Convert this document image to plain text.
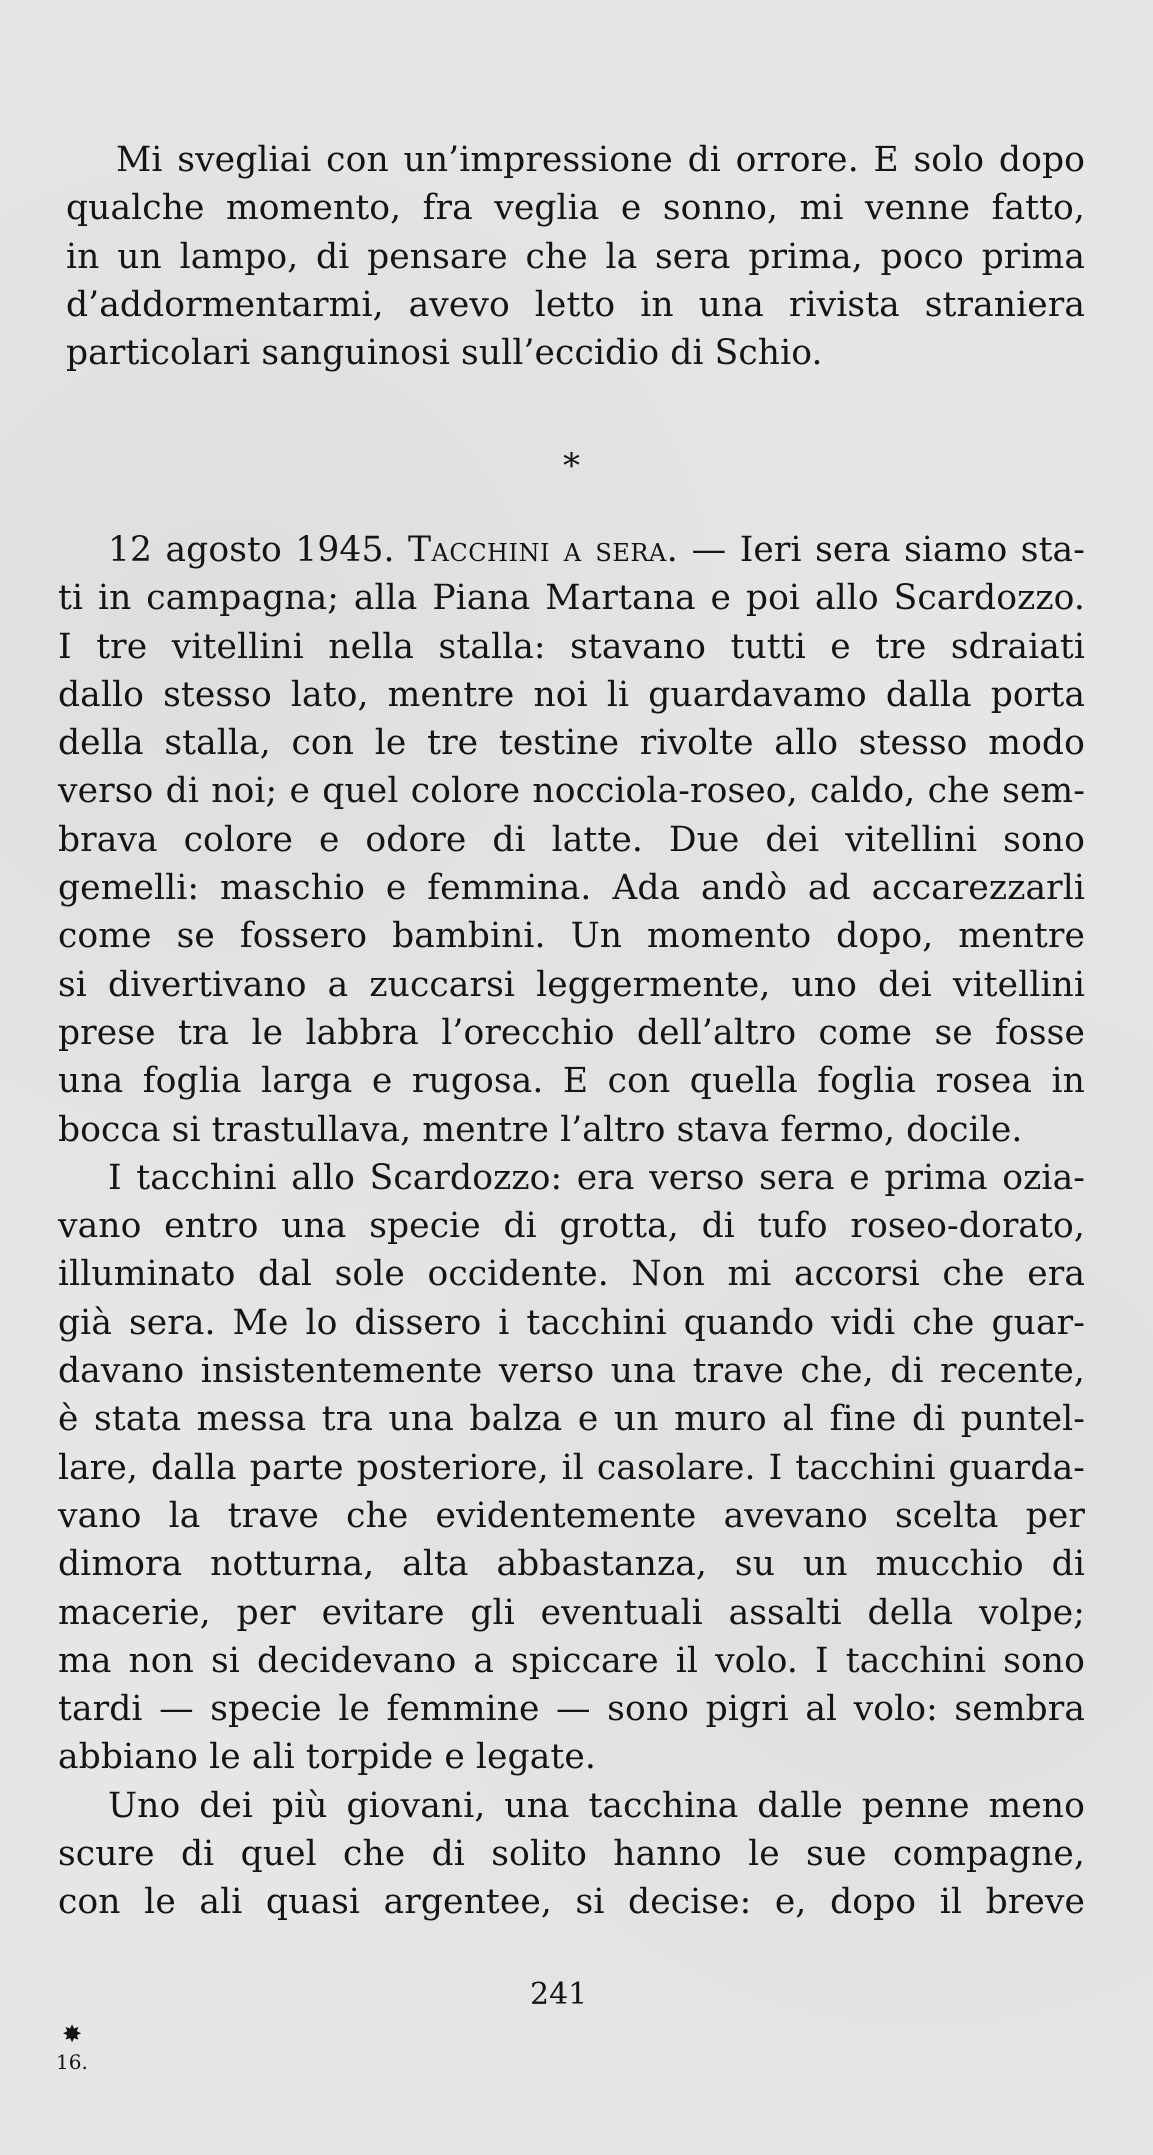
Mi svegliai con un’impressione di orrore. E solo dopo
qualche momento, fra veglia e sonno, mi venne fatto,
in un lampo, di pensare che la sera prima, poco prima
d’addormentarmi, avevo letto in una rivista straniera
particolari sanguinosi sull’eccidio di Schio.
*
12 agosto 1945. Tacchini a sera. — Ieri sera siamo sta-
ti in campagna; alla Piana Martana e poi allo Scardozzo.
I tre vitellini nella stalla: stavano tutti e tre sdraiati
dallo stesso lato, mentre noi li guardavamo dalla porta
della stalla, con le tre testine rivolte allo stesso modo
verso di noi; e quel colore nocciola-roseo, caldo, che sem-
brava colore e odore di latte. Due dei vitellini sono
gemelli: maschio e femmina. Ada andò ad accarezzarli
come se fossero bambini. Un momento dopo, mentre
si divertivano a zuccarsi leggermente, uno dei vitellini
prese tra le labbra l’orecchio dell’altro come se fosse
una foglia larga e rugosa. E con quella foglia rosea in
bocca si trastullava, mentre l’altro stava fermo, docile.
I tacchini allo Scardozzo: era verso sera e prima ozia-
vano entro una specie di grotta, di tufo roseo-dorato,
illuminato dal sole occidente. Non mi accorsi che era
già sera. Me lo dissero i tacchini quando vidi che guar-
davano insistentemente verso una trave che, di recente,
è stata messa tra una balza e un muro al fine di puntel-
lare, dalla parte posteriore, il casolare. I tacchini guarda-
vano la trave che evidentemente avevano scelta per
dimora notturna, alta abbastanza, su un mucchio di
macerie, per evitare gli eventuali assalti della volpe;
ma non si decidevano a spiccare il volo. I tacchini sono
tardi — specie le femmine — sono pigri al volo: sembra
abbiano le ali torpide e legate.
Uno dei più giovani, una tacchina dalle penne meno
scure di quel che di solito hanno le sue compagne,
con le ali quasi argentee, si decise: e, dopo il breve
241
✸
16.
